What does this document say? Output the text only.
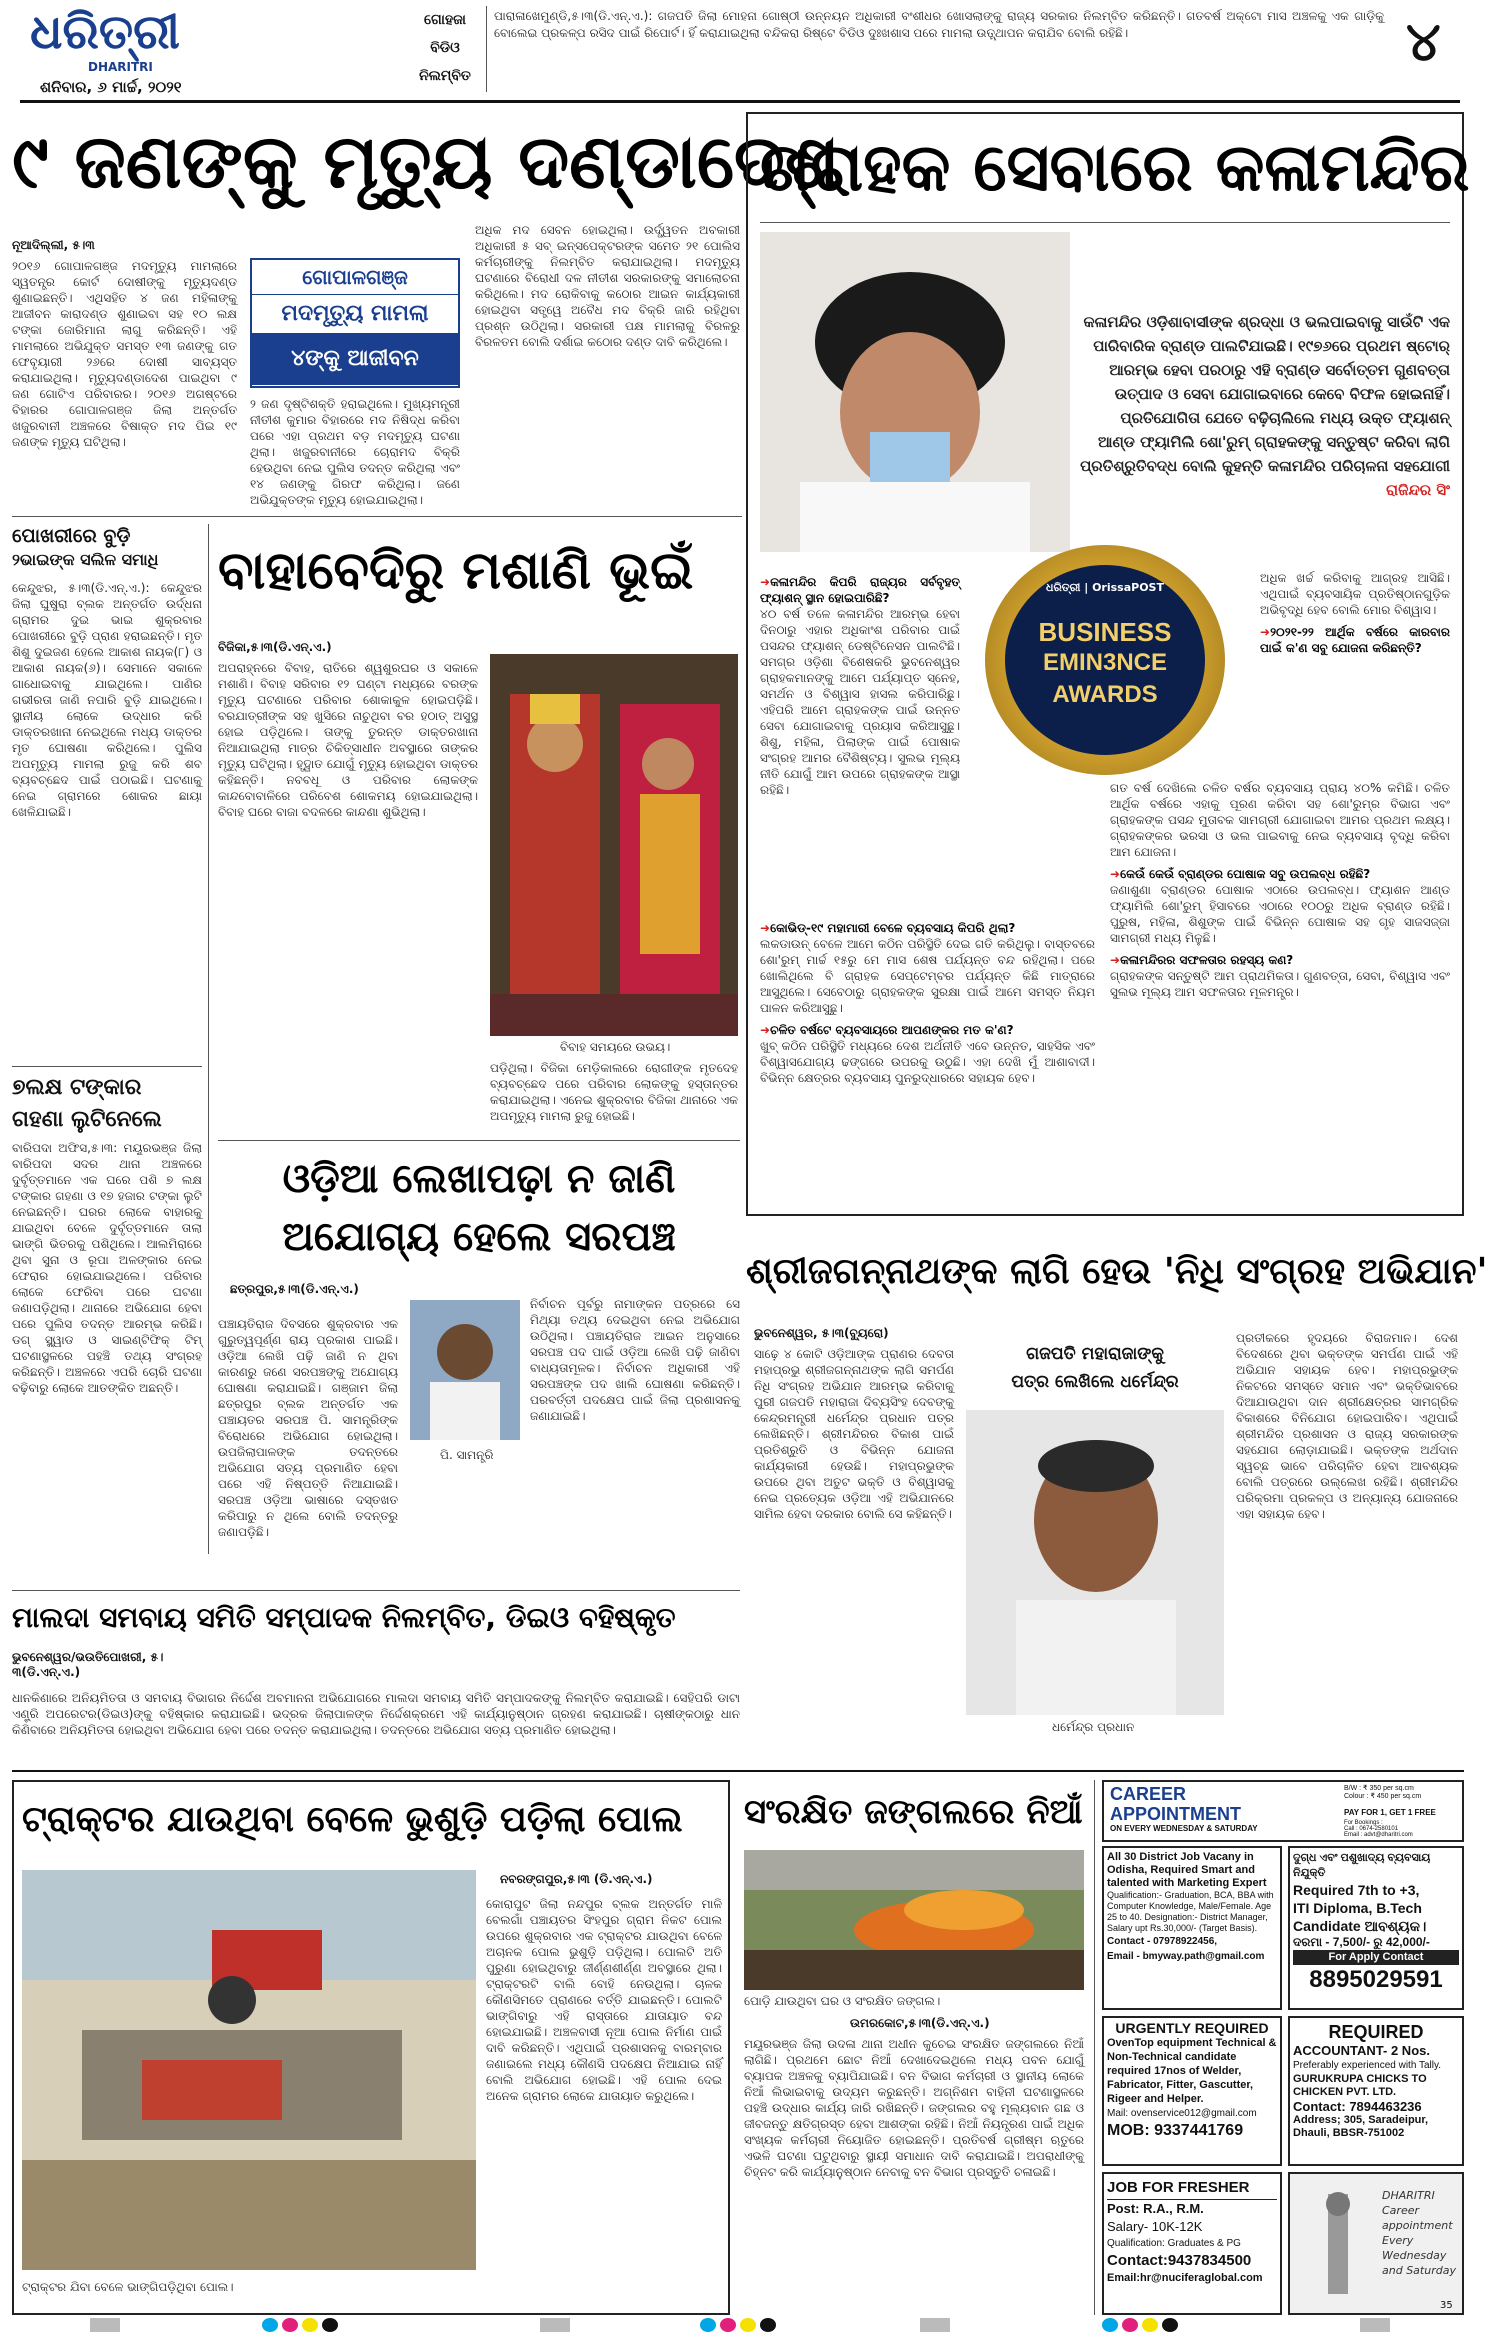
ଧରିତ୍ରୀ
DHARITRI
ଶନିବାର, ୬ ମାର୍ଚ୍ଚ, ୨୦୨୧
ଗୋହଜା
ବିଡିଓ
ନିଲମ୍ବିତ
ପାରାଳାଖେମୁଣ୍ଡି,୫।୩(ଡି.ଏନ୍.ଏ.): ଗଜପତି ଜିଲା ମୋହନା ଗୋଷ୍ଠୀ ଉନ୍ନୟନ ଅଧିକାରୀ ବଂଶୀଧର ଖୋସଲାଙ୍କୁ ରାଜ୍ୟ ସରକାର ନିଲମ୍ବିତ କରିଛନ୍ତି। ଗତବର୍ଷ ଅକ୍ଟୋ ମାସ ଅଞ୍ଚଳକୁ ଏକ ଗାଡ଼ିକୁ ବୋଲେଇ ପ୍ରକଳ୍ପ ରସିଦ ପାଇଁ ରିପୋର୍ଟ। ହିଁ କରାଯାଇଥିଲା ବନ୍ଦିକରା ରିଷ୍ଟେ ବିଡିଓ ଦୁଃଖଶାସ ପରେ ମାମଲା ଉତ୍ସ୍ଥାପନ କରାଯିବ ବୋଲି ରହିଛି।	୪
୯ ଜଣଙ୍କୁ ମୃତ୍ୟୁ ଦଣ୍ଡାଦେଶ
ନୂଆଦିଲ୍ଲୀ, ୫।୩
୨୦୧୬ ଗୋପାଳଗଞ୍ଜ ମଦମୃତ୍ୟୁ ମାମଲାରେ ସ୍ୱତନ୍ତ୍ର କୋର୍ଟ ଦୋଷୀଙ୍କୁ ମୃତ୍ୟୁଦଣ୍ଡ ଶୁଣାଇଛନ୍ତି। ଏଥିସହିତ ୪ ଜଣ ମହିଳାଙ୍କୁ ଆଜୀବନ କାରାଦଣ୍ଡ ଶୁଣାଇବା ସହ ୧୦ ଲକ୍ଷ ଟଙ୍କା ଜୋରିମାନା ଲାଗୁ କରିଛନ୍ତି। ଏହି ମାମଲାରେ ଅଭିଯୁକ୍ତ ସମସ୍ତ ୧୩ ଜଣଙ୍କୁ ଗତ ଫେବୃୟାରୀ ୨୬ରେ ଦୋଷୀ ସାବ୍ୟସ୍ତ କରାଯାଇଥିଲା। ମୃତ୍ୟୁଦଣ୍ଡାଦେଶ ପାଇଥିବା ୯ ଜଣ ଗୋଟିଏ ପରିବାରର। ୨୦୧୬ ଅଗଷ୍ଟରେ ବିହାରର ଗୋପାଳଗଞ୍ଜ ଜିଲା ଅନ୍ତର୍ଗତ ଖଜୁରବାନୀ ଅଞ୍ଚଳରେ ବିଷାକ୍ତ ମଦ ପିଇ ୧୯ ଜଣଙ୍କ ମୃତ୍ୟୁ ଘଟିଥିଲା।
ଗୋପାଳଗଞ୍ଜ
ମଦମୃତ୍ୟୁ ମାମଲା
୪ଙ୍କୁ ଆଜୀବନ
୨ ଜଣ ଦୃଷ୍ଟିଶକ୍ତି ହରାଇଥିଲେ। ମୁଖ୍ୟମନ୍ତ୍ରୀ ନୀତୀଶ କୁମାର ବିହାରରେ ମଦ ନିଷିଦ୍ଧ କରିବା ପରେ ଏହା ପ୍ରଥମ ବଡ଼ ମଦମୃତ୍ୟୁ ଘଟଣା ଥିଲା। ଖଜୁରବାନୀରେ ଚୋରାମଦ ବିକ୍ରି ହେଉଥିବା ନେଇ ପୁଲିସ ତଦନ୍ତ କରିଥିଲା ଏବଂ ୧୪ ଜଣଙ୍କୁ ଗିରଫ କରିଥିଲା। ଜଣେ ଅଭିଯୁକ୍ତଙ୍କ ମୃତ୍ୟୁ ହୋଇଯାଇଥିଲା।
ଅଧିକ ମଦ ସେବନ ହୋଇଥିଲା। ଉର୍ଦ୍ଧ୍ୱତନ ଅବକାରୀ ଅଧିକାରୀ ୫ ସବ୍ ଇନ୍ସପେକ୍ଟରଙ୍କ ସମେତ ୨୧ ପୋଲିସ କର୍ମଚାରୀଙ୍କୁ ନିଲମ୍ବିତ କରାଯାଇଥିଲା। ମଦମୃତ୍ୟୁ ଘଟଣାରେ ବିରୋଧୀ ଦଳ ନୀତୀଶ ସରକାରଙ୍କୁ ସମାଲୋଚନା କରିଥିଲେ। ମଦ ରୋକିବାକୁ କଠୋର ଆଇନ କାର୍ଯ୍ୟକାରୀ ହୋଇଥିବା ସତ୍ତ୍ୱେ ଅବୈଧ ମଦ ବିକ୍ରି ଜାରି ରହିଥିବା ପ୍ରଶ୍ନ ଉଠିଥିଲା। ସରକାରୀ ପକ୍ଷ ମାମଲାକୁ ବିରଳରୁ ବିରଳତମ ବୋଲି ଦର୍ଶାଇ କଠୋର ଦଣ୍ଡ ଦାବି କରିଥିଲେ।
ପୋଖରୀରେ ବୁଡ଼ି
୨ଭାଇଙ୍କ ସଲିଳ ସମାଧି
କେନ୍ଦୁଝର, ୫।୩(ଡି.ଏନ୍.ଏ.): କେନ୍ଦୁଝର ଜିଲା ଘୁଷୁରା ବ୍ଲକ ଅନ୍ତର୍ଗତ ଉର୍ଦ୍ଧନା ଗ୍ରାମର ଦୁଇ ଭାଇ ଶୁକ୍ରବାର ପୋଖରୀରେ ବୁଡ଼ି ପ୍ରାଣ ହରାଇଛନ୍ତି। ମୃତ ଶିଶୁ ଦୁଇଜଣ ହେଲେ ଆକାଶ ନାୟକ(୮) ଓ ଆକାଶ ନାୟକ(୬)। ସେମାନେ ସକାଳେ ଗାଧୋଇବାକୁ ଯାଇଥିଲେ। ପାଣିର ଗଭୀରତା ଜାଣି ନପାରି ବୁଡ଼ି ଯାଇଥିଲେ। ସ୍ଥାନୀୟ ଲୋକେ ଉଦ୍ଧାର କରି ଡାକ୍ତରଖାନା ନେଇଥିଲେ ମଧ୍ୟ ଡାକ୍ତର ମୃତ ଘୋଷଣା କରିଥିଲେ। ପୁଲିସ ଅପମୃତ୍ୟୁ ମାମଲା ରୁଜୁ କରି ଶବ ବ୍ୟବଚ୍ଛେଦ ପାଇଁ ପଠାଇଛି। ଘଟଣାକୁ ନେଇ ଗ୍ରାମରେ ଶୋକର ଛାୟା ଖେଳିଯାଇଛି।
୭ଲକ୍ଷ ଟଙ୍କାର
ଗହଣା ଲୁଟିନେଲେ
ବାରିପଦା ଅଫିସ,୫।୩: ମୟୂରଭଞ୍ଜ ଜିଲା ବାରିପଦା ସଦର ଥାନା ଅଞ୍ଚଳରେ ଦୁର୍ବୃତ୍ତମାନେ ଏକ ଘରେ ପଶି ୭ ଲକ୍ଷ ଟଙ୍କାର ଗହଣା ଓ ୧୭ ହଜାର ଟଙ୍କା ଲୁଟି ନେଇଛନ୍ତି। ଘରର ଲୋକେ ବାହାରକୁ ଯାଇଥିବା ବେଳେ ଦୁର୍ବୃତ୍ତମାନେ ତାଲା ଭାଙ୍ଗି ଭିତରକୁ ପଶିଥିଲେ। ଆଲମିରାରେ ଥିବା ସୁନା ଓ ରୂପା ଅଳଙ୍କାର ନେଇ ଫେରାର ହୋଇଯାଇଥିଲେ। ପରିବାର ଲୋକେ ଫେରିବା ପରେ ଘଟଣା ଜଣାପଡ଼ିଥିଲା। ଥାନାରେ ଅଭିଯୋଗ ହେବା ପରେ ପୁଲିସ ତଦନ୍ତ ଆରମ୍ଭ କରିଛି। ଡଗ୍ ସ୍କ୍ୱାଡ ଓ ସାଇଣ୍ଟିଫିକ୍ ଟିମ୍ ଘଟଣାସ୍ଥଳରେ ପହଞ୍ଚି ତଥ୍ୟ ସଂଗ୍ରହ କରିଛନ୍ତି। ଅଞ୍ଚଳରେ ଏପରି ଚୋରି ଘଟଣା ବଢ଼ିବାରୁ ଲୋକେ ଆତଙ୍କିତ ଅଛନ୍ତି।
ବାହାବେଦିରୁ ମଶାଣି ଭୂଇଁ
ବିଜିକା,୫।୩(ଡି.ଏନ୍.ଏ.)
ଅପରାହ୍ନରେ ବିବାହ, ରାତିରେ ଶ୍ୱଶୁରଘର ଓ ସକାଳେ ମଶାଣି। ବିବାହ ସରିବାର ୧୨ ଘଣ୍ଟା ମଧ୍ୟରେ ବରଙ୍କ ମୃତ୍ୟୁ ଘଟଣାରେ ପରିବାର ଶୋକାକୁଳ ହୋଇପଡ଼ିଛି। ବରଯାତ୍ରୀଙ୍କ ସହ ଖୁସିରେ ନାଚୁଥିବା ବର ହଠାତ୍ ଅସୁସ୍ଥ ହୋଇ ପଡ଼ିଥିଲେ। ତାଙ୍କୁ ତୁରନ୍ତ ଡାକ୍ତରଖାନା ନିଆଯାଇଥିଲା ମାତ୍ର ଚିକିତ୍ସାଧୀନ ଅବସ୍ଥାରେ ତାଙ୍କର ମୃତ୍ୟୁ ଘଟିଥିଲା। ହୃଦ୍ଘାତ ଯୋଗୁଁ ମୃତ୍ୟୁ ହୋଇଥିବା ଡାକ୍ତର କହିଛନ୍ତି। ନବବଧୂ ଓ ପରିବାର ଲୋକଙ୍କ କାନ୍ଦବୋବାଳିରେ ପରିବେଶ ଶୋକମୟ ହୋଇଯାଇଥିଲା। ବିବାହ ଘରେ ବାଜା ବଦଳରେ କାନ୍ଦଣା ଶୁଭିଥିଲା।
ବିବାହ ସମୟରେ ଉଭୟ।
ପଡ଼ିଥିଲା। ବିଜିକା ମେଡ଼ିକାଲରେ ରୋଗୀଙ୍କ ମୃତଦେହ ବ୍ୟବଚ୍ଛେଦ ପରେ ପରିବାର ଲୋକଙ୍କୁ ହସ୍ତାନ୍ତର କରାଯାଇଥିଲା। ଏନେଇ ଶୁକ୍ରବାର ବିଜିକା ଥାନାରେ ଏକ ଅପମୃତ୍ୟୁ ମାମଲା ରୁଜୁ ହୋଇଛି।
ଓଡ଼ିଆ ଲେଖାପଢ଼ା ନ ଜାଣି
ଅଯୋଗ୍ୟ ହେଲେ ସରପଞ୍ଚ
ଛତ୍ରପୁର,୫।୩(ଡି.ଏନ୍.ଏ.)
ପଞ୍ଚାୟତିରାଜ ଦିବସରେ ଶୁକ୍ରବାର ଏକ ଗୁରୁତ୍ୱପୂର୍ଣ୍ଣ ରାୟ ପ୍ରକାଶ ପାଇଛି। ଓଡ଼ିଆ ଲେଖି ପଢ଼ି ଜାଣି ନ ଥିବା କାରଣରୁ ଜଣେ ସରପଞ୍ଚଙ୍କୁ ଅଯୋଗ୍ୟ ଘୋଷଣା କରାଯାଇଛି। ଗଞ୍ଜାମ ଜିଲା ଛତ୍ରପୁର ବ୍ଲକ ଅନ୍ତର୍ଗତ ଏକ ପଞ୍ଚାୟତର ସରପଞ୍ଚ ପି. ସାମନ୍ତ୍ରିଙ୍କ ବିରୋଧରେ ଅଭିଯୋଗ ହୋଇଥିଲା। ଉପଜିଲାପାଳଙ୍କ ତଦନ୍ତରେ ଅଭିଯୋଗ ସତ୍ୟ ପ୍ରମାଣିତ ହେବା ପରେ ଏହି ନିଷ୍ପତ୍ତି ନିଆଯାଇଛି। ସରପଞ୍ଚ ଓଡ଼ିଆ ଭାଷାରେ ଦସ୍ତଖତ କରିପାରୁ ନ ଥିଲେ ବୋଲି ତଦନ୍ତରୁ ଜଣାପଡ଼ିଛି।
ପି. ସାମନ୍ତ୍ରି
ନିର୍ବାଚନ ପୂର୍ବରୁ ନାମାଙ୍କନ ପତ୍ରରେ ସେ ମିଥ୍ୟା ତଥ୍ୟ ଦେଇଥିବା ନେଇ ଅଭିଯୋଗ ଉଠିଥିଲା। ପଞ୍ଚାୟତିରାଜ ଆଇନ ଅନୁସାରେ ସରପଞ୍ଚ ପଦ ପାଇଁ ଓଡ଼ିଆ ଲେଖି ପଢ଼ି ଜାଣିବା ବାଧ୍ୟତାମୂଳକ। ନିର୍ବାଚନ ଅଧିକାରୀ ଏହି ସରପଞ୍ଚଙ୍କ ପଦ ଖାଲି ଘୋଷଣା କରିଛନ୍ତି। ପରବର୍ତ୍ତୀ ପଦକ୍ଷେପ ପାଇଁ ଜିଲା ପ୍ରଶାସନକୁ ଜଣାଯାଇଛି।
ମାଲଦା ସମବାୟ ସମିତି ସମ୍ପାଦକ ନିଲମ୍ବିତ, ଡିଇଓ ବହିଷ୍କୃତ
ଭୁବନେଶ୍ୱର/ଭଉତିପୋଖରୀ, ୫।୩(ଡି.ଏନ୍.ଏ.)
ଧାନକିଣାରେ ଅନିୟମିତତା ଓ ସମବାୟ ବିଭାଗର ନିର୍ଦ୍ଦେଶ ଅବମାନନା ଅଭିଯୋଗରେ ମାଲଦା ସମବାୟ ସମିତି ସମ୍ପାଦକଙ୍କୁ ନିଲମ୍ବିତ କରାଯାଇଛି। ସେହିପରି ଡାଟା ଏଣ୍ଟ୍ରି ଅପରେଟର(ଡିଇଓ)ଙ୍କୁ ବହିଷ୍କାର କରାଯାଇଛି। ଭଦ୍ରକ ଜିଲାପାଳଙ୍କ ନିର୍ଦ୍ଦେଶକ୍ରମେ ଏହି କାର୍ଯ୍ୟାନୁଷ୍ଠାନ ଗ୍ରହଣ କରାଯାଇଛି। ଚାଷୀଙ୍କଠାରୁ ଧାନ କିଣିବାରେ ଅନିୟମିତତା ହୋଇଥିବା ଅଭିଯୋଗ ହେବା ପରେ ତଦନ୍ତ କରାଯାଇଥିଲା। ତଦନ୍ତରେ ଅଭିଯୋଗ ସତ୍ୟ ପ୍ରମାଣିତ ହୋଇଥିଲା।
ଗ୍ରାହକ ସେବାରେ କଳାମନ୍ଦିର
କଳାମନ୍ଦିର ଓଡ଼ିଶାବାସୀଙ୍କ ଶ୍ରଦ୍ଧା ଓ ଭଲପାଇବାକୁ ସାଉଁଟି ଏକ ପାରିବାରିକ ବ୍ରାଣ୍ଡ ପାଲଟିଯାଇଛି। ୧୯୭୬ରେ ପ୍ରଥମ ଷ୍ଟୋର୍ ଆରମ୍ଭ ହେବା ପରଠାରୁ ଏହି ବ୍ରାଣ୍ଡ ସର୍ବୋତ୍ତମ ଗୁଣବତ୍ତା ଉତ୍ପାଦ ଓ ସେବା ଯୋଗାଇବାରେ କେବେ ବିଫଳ ହୋଇନାହିଁ। ପ୍ରତିଯୋଗିତା ଯେତେ ବଢ଼ିଚାଲିଲେ ମଧ୍ୟ ଉକ୍ତ ଫ୍ୟାଶନ୍ ଆଣ୍ଡ ଫ୍ୟାମିଲି ଶୋ'ରୁମ୍ ଗ୍ରାହକଙ୍କୁ ସନ୍ତୁଷ୍ଟ କରିବା ଲାଗି ପ୍ରତିଶ୍ରୁତିବଦ୍ଧ ବୋଲି କୁହନ୍ତି କଳାମନ୍ଦିର ପରିଚାଳନା ସହଯୋଗୀ ରାଜିନ୍ଦର ସିଂ
ଧରିତ୍ରୀ | OrissaPOST
BUSINESS
EMIN3NCE
AWARDS
➜କଳାମନ୍ଦିର କିପରି ରାଜ୍ୟର ସର୍ବବୃହତ୍ ଫ୍ୟାଶନ୍ ସ୍ଥାନ ହୋଇପାରିଛି?
୪୦ ବର୍ଷ ତଳେ କଳାମନ୍ଦିର ଆରମ୍ଭ ହେବା ଦିନଠାରୁ ଏହାର ଅଧିକାଂଶ ପରିବାର ପାଇଁ ପସନ୍ଦର ଫ୍ୟାଶନ୍ ଡେଷ୍ଟିନେସନ ପାଲଟିଛି। ସମଗ୍ର ଓଡ଼ିଶା ବିଶେଷକରି ଭୁବନେଶ୍ୱର ଗ୍ରାହକମାନଙ୍କୁ ଆମେ ପର୍ଯ୍ୟାପ୍ତ ସ୍ନେହ, ସମର୍ଥନ ଓ ବିଶ୍ୱାସ ହାସଲ କରିପାରିଛୁ। ଏହିପରି ଆମେ ଗ୍ରାହକଙ୍କ ପାଇଁ ଉନ୍ନତ ସେବା ଯୋଗାଇବାକୁ ପ୍ରୟାସ କରିଆସୁଛୁ। ଶିଶୁ, ମହିଳା, ପିଲାଙ୍କ ପାଇଁ ପୋଷାକ ସଂଗ୍ରହ ଆମର ବୈଶିଷ୍ଟ୍ୟ। ସୁଲଭ ମୂଲ୍ୟ ନୀତି ଯୋଗୁଁ ଆମ ଉପରେ ଗ୍ରାହକଙ୍କ ଆସ୍ଥା ରହିଛି।
➜କୋଭିଡ୍-୧୯ ମହାମାରୀ ବେଳେ ବ୍ୟବସାୟ କିପରି ଥିଲା?
ଲକଡାଉନ୍ ବେଳେ ଆମେ କଠିନ ପରିସ୍ଥିତି ଦେଇ ଗତି କରିଥିଲୁ। ବାସ୍ତବରେ ଶୋ'ରୁମ୍ ମାର୍ଚ୍ଚ ୧୫ରୁ ମେ ମାସ ଶେଷ ପର୍ଯ୍ୟନ୍ତ ବନ୍ଦ ରହିଥିଲା। ପରେ ଖୋଲିଥିଲେ ବି ଗ୍ରାହକ ସେପ୍ଟେମ୍ବର ପର୍ଯ୍ୟନ୍ତ କିଛି ମାତ୍ରାରେ ଆସୁଥିଲେ। ସେବେଠାରୁ ଗ୍ରାହକଙ୍କ ସୁରକ୍ଷା ପାଇଁ ଆମେ ସମସ୍ତ ନିୟମ ପାଳନ କରିଆସୁଛୁ।
➜ଚଳିତ ବର୍ଷଟେ ବ୍ୟବସାୟରେ ଆପଣଙ୍କର ମତ କ'ଣ?
ଖୁବ୍ କଠିନ ପରିସ୍ଥିତି ମଧ୍ୟରେ ଦେଶ ଅର୍ଥନୀତି ଏବେ ଉନ୍ନତ, ସାହସିକ ଏବଂ ବିଶ୍ୱାସଯୋଗ୍ୟ ଢଙ୍ଗରେ ଉପରକୁ ଉଠୁଛି। ଏହା ଦେଖି ମୁଁ ଆଶାବାଦୀ। ବିଭିନ୍ନ କ୍ଷେତ୍ରର ବ୍ୟବସାୟ ପୁନରୁଦ୍ଧାରରେ ସହାୟକ ହେବ।
ଅଧିକ ଖର୍ଚ୍ଚ କରିବାକୁ ଆଗ୍ରହ ଆସିଛି। ଏଥିପାଇଁ ବ୍ୟବସାୟିକ ପ୍ରତିଷ୍ଠାନଗୁଡ଼ିକ ଅଭିବୃଦ୍ଧି ହେବ ବୋଲି ମୋର ବିଶ୍ୱାସ।
➜୨୦୨୧-୨୨ ଆର୍ଥିକ ବର୍ଷରେ କାରବାର ପାଇଁ କ'ଣ ସବୁ ଯୋଜନା କରିଛନ୍ତି?
ଗତ ବର୍ଷ ଦେଖିଲେ ଚଳିତ ବର୍ଷର ବ୍ୟବସାୟ ପ୍ରାୟ ୪୦% କମିଛି। ଚଳିତ ଆର୍ଥିକ ବର୍ଷରେ ଏହାକୁ ପୂରଣ କରିବା ସହ ଶୋ'ରୁମ୍ର ବିଭାଗ ଏବଂ ଗ୍ରାହକଙ୍କ ପସନ୍ଦ ମୁତାବକ ସାମଗ୍ରୀ ଯୋଗାଇବା ଆମର ପ୍ରଥମ ଲକ୍ଷ୍ୟ। ଗ୍ରାହକଙ୍କର ଭରସା ଓ ଭଲ ପାଇବାକୁ ନେଇ ବ୍ୟବସାୟ ବୃଦ୍ଧି କରିବା ଆମ ଯୋଜନା।
➜କେଉଁ କେଉଁ ବ୍ରାଣ୍ଡର ପୋଷାକ ସବୁ ଉପଲବ୍ଧ ରହିଛି?
ଜଣାଶୁଣା ବ୍ରାଣ୍ଡର ପୋଷାକ ଏଠାରେ ଉପଲବ୍ଧ। ଫ୍ୟାଶନ ଆଣ୍ଡ ଫ୍ୟାମିଲି ଶୋ'ରୁମ୍ ହିସାବରେ ଏଠାରେ ୧୦୦ରୁ ଅଧିକ ବ୍ରାଣ୍ଡ ରହିଛି। ପୁରୁଷ, ମହିଳା, ଶିଶୁଙ୍କ ପାଇଁ ବିଭିନ୍ନ ପୋଷାକ ସହ ଗୃହ ସାଜସଜ୍ଜା ସାମଗ୍ରୀ ମଧ୍ୟ ମିଳୁଛି।
➜କଳାମନ୍ଦିରର ସଫଳତାର ରହସ୍ୟ କଣ?
ଗ୍ରାହକଙ୍କ ସନ୍ତୁଷ୍ଟି ଆମ ପ୍ରାଥମିକତା। ଗୁଣବତ୍ତା, ସେବା, ବିଶ୍ୱାସ ଏବଂ ସୁଲଭ ମୂଲ୍ୟ ଆମ ସଫଳତାର ମୂଳମନ୍ତ୍ର।
ଶ୍ରୀଜଗନ୍ନାଥଙ୍କ ଲାଗି ହେଉ 'ନିଧି ସଂଗ୍ରହ ଅଭିଯାନ'
ଭୁବନେଶ୍ୱର, ୫।୩(ବ୍ୟୁରୋ)
ଗଜପତି ମହାରାଜାଙ୍କୁ
ପତ୍ର ଲେଖିଲେ ଧର୍ମେନ୍ଦ୍ର
ସାଢ଼େ ୪ କୋଟି ଓଡ଼ିଆଙ୍କ ପ୍ରାଣର ଦେବତା ମହାପ୍ରଭୁ ଶ୍ରୀଜଗନ୍ନାଥଙ୍କ ଲାଗି ସମର୍ପଣ ନିଧି ସଂଗ୍ରହ ଅଭିଯାନ ଆରମ୍ଭ କରିବାକୁ ପୁରୀ ଗଜପତି ମହାରାଜା ଦିବ୍ୟସିଂହ ଦେବଙ୍କୁ କେନ୍ଦ୍ରମନ୍ତ୍ରୀ ଧର୍ମେନ୍ଦ୍ର ପ୍ରଧାନ ପତ୍ର ଲେଖିଛନ୍ତି। ଶ୍ରୀମନ୍ଦିରର ବିକାଶ ପାଇଁ ପ୍ରତିଶ୍ରୁତି ଓ ବିଭିନ୍ନ ଯୋଜନା କାର୍ଯ୍ୟକାରୀ ହେଉଛି। ମହାପ୍ରଭୁଙ୍କ ଉପରେ ଥିବା ଅତୁଟ ଭକ୍ତି ଓ ବିଶ୍ୱାସକୁ ନେଇ ପ୍ରତ୍ୟେକ ଓଡ଼ିଆ ଏହି ଅଭିଯାନରେ ସାମିଲ ହେବା ଦରକାର ବୋଲି ସେ କହିଛନ୍ତି।
ଧର୍ମେନ୍ଦ୍ର ପ୍ରଧାନ
ପ୍ରତୀକରେ ହୃଦୟରେ ବିରାଜମାନ। ଦେଶ ବିଦେଶରେ ଥିବା ଭକ୍ତଙ୍କ ସମର୍ପଣ ପାଇଁ ଏହି ଅଭିଯାନ ସହାୟକ ହେବ। ମହାପ୍ରଭୁଙ୍କ ନିକଟରେ ସମସ୍ତେ ସମାନ ଏବଂ ଭକ୍ତିଭାବରେ ଦିଆଯାଉଥିବା ଦାନ ଶ୍ରୀକ୍ଷେତ୍ରର ସାମଗ୍ରିକ ବିକାଶରେ ବିନିଯୋଗ ହୋଇପାରିବ। ଏଥିପାଇଁ ଶ୍ରୀମନ୍ଦିର ପ୍ରଶାସନ ଓ ରାଜ୍ୟ ସରକାରଙ୍କ ସହଯୋଗ ଲୋଡ଼ାଯାଇଛି। ଭକ୍ତଙ୍କ ଅର୍ଥଦାନ ସ୍ୱଚ୍ଛ ଭାବେ ପରିଚାଳିତ ହେବା ଆବଶ୍ୟକ ବୋଲି ପତ୍ରରେ ଉଲ୍ଲେଖ ରହିଛି। ଶ୍ରୀମନ୍ଦିର ପରିକ୍ରମା ପ୍ରକଳ୍ପ ଓ ଅନ୍ୟାନ୍ୟ ଯୋଜନାରେ ଏହା ସହାୟକ ହେବ।
ଟ୍ରାକ୍ଟର ଯାଉଥିବା ବେଳେ ଭୁଶୁଡ଼ି ପଡ଼ିଲା ପୋଲ
ଟ୍ରାକ୍ଟର ଯିବା ବେଳେ ଭାଙ୍ଗିପଡ଼ିଥିବା ପୋଲ।
ନବରଙ୍ଗପୁର,୫।୩ (ଡି.ଏନ୍.ଏ.)
କୋରାପୁଟ ଜିଲା ନନ୍ଦପୁର ବ୍ଲକ ଅନ୍ତର୍ଗତ ମାଳି ବେଲଗାଁ ପଞ୍ଚାୟତର ସିଂହପୁର ଗ୍ରାମ ନିକଟ ପୋଲ ଉପରେ ଶୁକ୍ରବାର ଏକ ଟ୍ରାକ୍ଟର ଯାଉଥିବା ବେଳେ ଅଚାନକ ପୋଲ ଭୁଶୁଡ଼ି ପଡ଼ିଥିଲା। ପୋଲଟି ଅତି ପୁରୁଣା ହୋଇଥିବାରୁ ଜୀର୍ଣ୍ଣଶୀର୍ଣ୍ଣ ଅବସ୍ଥାରେ ଥିଲା। ଟ୍ରାକ୍ଟରଟି ବାଲି ବୋହି ନେଉଥିଲା। ଚାଳକ କୌଣସିମତେ ପ୍ରାଣରେ ବର୍ତ୍ତି ଯାଇଛନ୍ତି। ପୋଲଟି ଭାଙ୍ଗିବାରୁ ଏହି ରାସ୍ତାରେ ଯାତାୟାତ ବନ୍ଦ ହୋଇଯାଇଛି। ଅଞ୍ଚଳବାସୀ ନୂଆ ପୋଲ ନିର୍ମାଣ ପାଇଁ ଦାବି କରିଛନ୍ତି। ଏଥିପାଇଁ ପ୍ରଶାସନକୁ ବାରମ୍ବାର ଜଣାଇଲେ ମଧ୍ୟ କୌଣସି ପଦକ୍ଷେପ ନିଆଯାଇ ନାହିଁ ବୋଲି ଅଭିଯୋଗ ହୋଇଛି। ଏହି ପୋଲ ଦେଇ ଅନେକ ଗ୍ରାମର ଲୋକେ ଯାତାୟାତ କରୁଥିଲେ।
ସଂରକ୍ଷିତ ଜଙ୍ଗଲରେ ନିଆଁ
ପୋଡ଼ି ଯାଉଥିବା ଘର ଓ ସଂରକ୍ଷିତ ଜଙ୍ଗଲ।
ଉମରକୋଟ,୫।୩(ଡି.ଏନ୍.ଏ.)
ମୟୂରଭଞ୍ଜ ଜିଲା ଉଦଳା ଥାନା ଅଧୀନ କୁଚେଇ ସଂରକ୍ଷିତ ଜଙ୍ଗଲରେ ନିଆଁ ଲାଗିଛି। ପ୍ରଥମେ ଛୋଟ ନିଆଁ ଦେଖାଦେଇଥିଲେ ମଧ୍ୟ ପବନ ଯୋଗୁଁ ବ୍ୟାପକ ଅଞ୍ଚଳକୁ ବ୍ୟାପିଯାଇଛି। ବନ ବିଭାଗ କର୍ମଚାରୀ ଓ ସ୍ଥାନୀୟ ଲୋକେ ନିଆଁ ଲିଭାଇବାକୁ ଉଦ୍ୟମ କରୁଛନ୍ତି। ଅଗ୍ନିଶମ ବାହିନୀ ଘଟଣାସ୍ଥଳରେ ପହଞ୍ଚି ଉଦ୍ଧାର କାର୍ଯ୍ୟ ଜାରି ରଖିଛନ୍ତି। ଜଙ୍ଗଲର ବହୁ ମୂଲ୍ୟବାନ ଗଛ ଓ ଜୀବଜନ୍ତୁ କ୍ଷତିଗ୍ରସ୍ତ ହେବା ଆଶଙ୍କା ରହିଛି। ନିଆଁ ନିୟନ୍ତ୍ରଣ ପାଇଁ ଅଧିକ ସଂଖ୍ୟକ କର୍ମଚାରୀ ନିୟୋଜିତ ହୋଇଛନ୍ତି। ପ୍ରତିବର୍ଷ ଗ୍ରୀଷ୍ମ ଋତୁରେ ଏଭଳି ଘଟଣା ଘଟୁଥିବାରୁ ସ୍ଥାୟୀ ସମାଧାନ ଦାବି କରାଯାଇଛି। ଅପରାଧୀଙ୍କୁ ଚିହ୍ନଟ କରି କାର୍ଯ୍ୟାନୁଷ୍ଠାନ ନେବାକୁ ବନ ବିଭାଗ ପ୍ରସ୍ତୁତି ଚଳାଇଛି।
CAREER
APPOINTMENT
ON EVERY WEDNESDAY & SATURDAY
B/W : ₹ 350 per sq.cm
Colour : ₹ 450 per sq.cm
PAY FOR 1, GET 1 FREE
For Bookings :
Call : 0674-2580101
Email : advt@dharitri.com
All 30 District Job Vacany in Odisha, Required Smart and talented with Marketing Expert
Qualification:- Graduation, BCA, BBA with Computer Knowledge, Male/Female. Age 25 to 40. Designation:- District Manager, Salary upt Rs.30,000/- (Target Basis).
Contact - 07978922456,
Email - bmyway.path@gmail.com
ଦୁଗ୍ଧ ଏବଂ ପଶୁଖାଦ୍ୟ ବ୍ୟବସାୟ ନିଯୁକ୍ତି
Required 7th to +3,
ITI Diploma, B.Tech
Candidate ଆବଶ୍ୟକ।
ଦରମା - 7,500/- ରୁ 42,000/-
For Apply Contact
8895029591
URGENTLY REQUIRED
OvenTop equipment Technical & Non-Technical candidate required 17nos of Welder, Fabricator, Fitter, Gascutter, Rigeer and Helper.
Mail: ovenservice012@gmail.com
MOB: 9337441769
REQUIRED
ACCOUNTANT- 2 Nos.
Preferably experienced with Tally.
GURUKRUPA CHICKS TO CHICKEN PVT. LTD.
Contact: 7894463236
Address; 305, Saradeipur, Dhauli, BBSR-751002
JOB FOR FRESHER
Post: R.A., R.M.
Salary- 10K-12K
Qualification: Graduates & PG
Contact:9437834500
Email:hr@nuciferaglobal.com
DHARITRI Career appointment Every Wednesday and Saturday
35
